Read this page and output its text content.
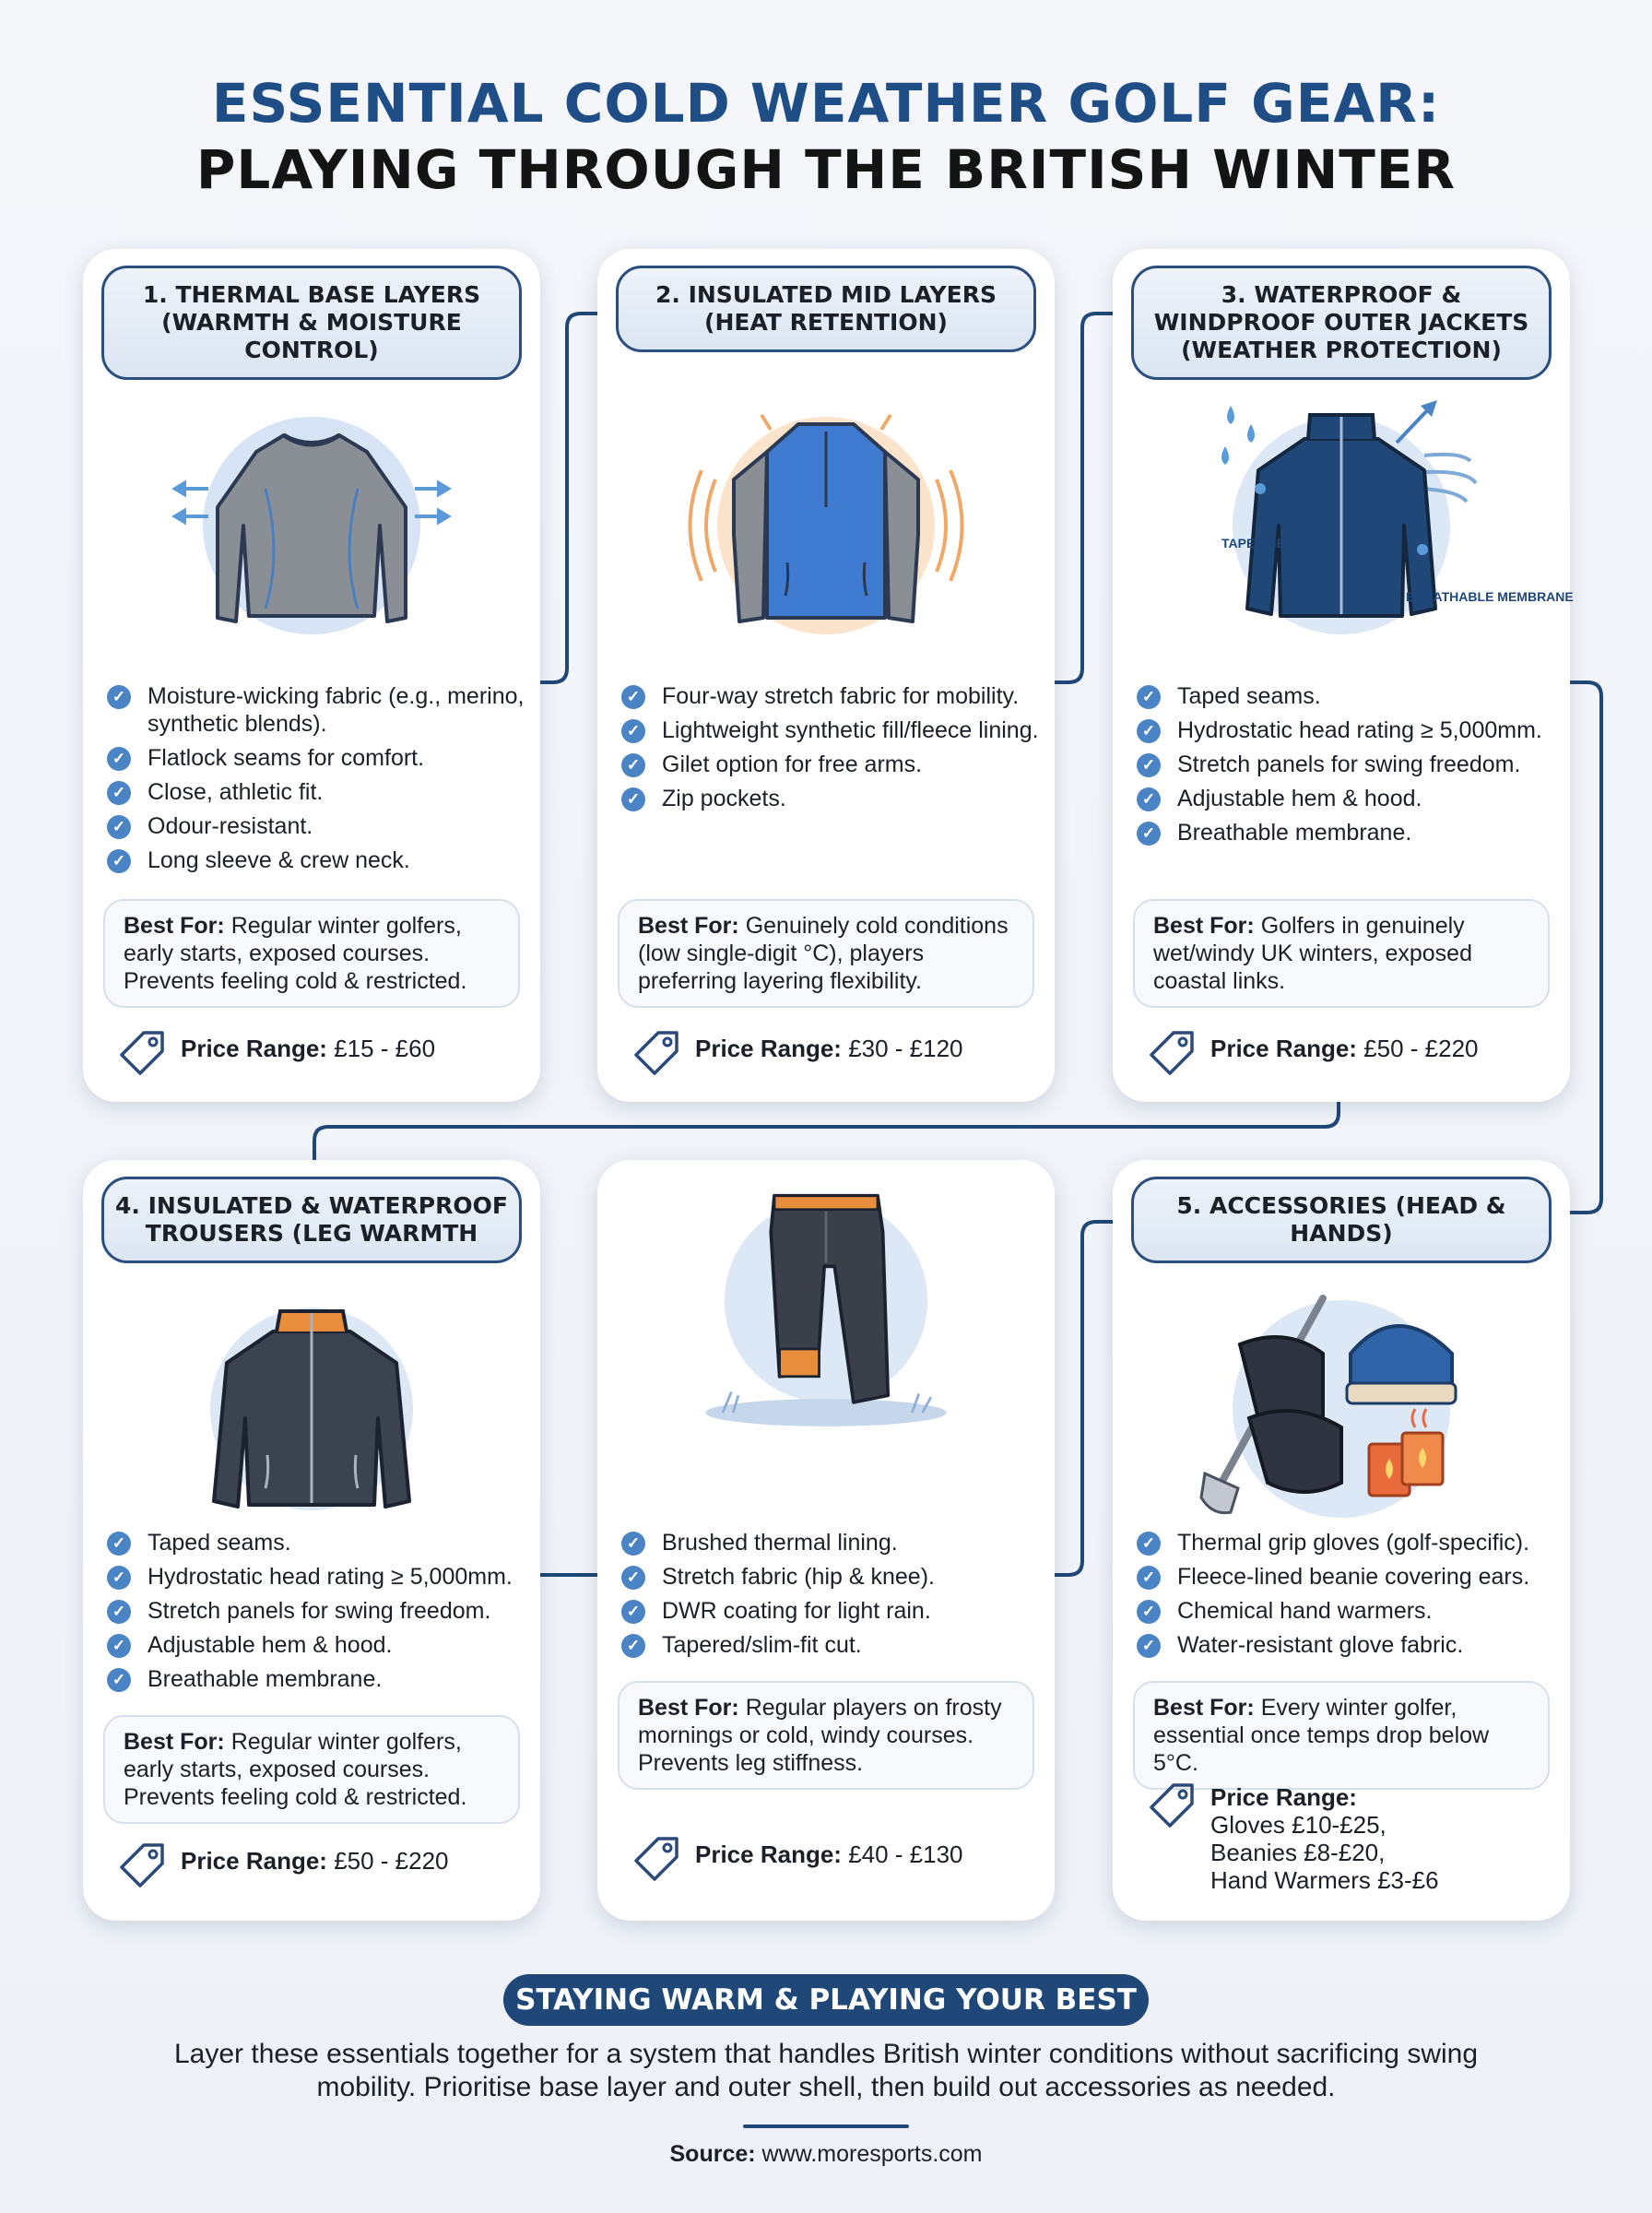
ESSENTIAL COLD WEATHER GOLF GEAR:
PLAYING THROUGH THE BRITISH WINTER
1. THERMAL BASE LAYERS (WARMTH & MOISTURE CONTROL)
✓ Moisture-wicking fabric (e.g., merino, synthetic blends).
✓ Flatlock seams for comfort.
✓ Close, athletic fit.
✓ Odour-resistant.
✓ Long sleeve & crew neck.
Best For: Regular winter golfers, early starts, exposed courses. Prevents feeling cold & restricted.
Price Range: £15 - £60
2. INSULATED MID LAYERS (HEAT RETENTION)
✓ Four-way stretch fabric for mobility.
✓ Lightweight synthetic fill/fleece lining.
✓ Gilet option for free arms.
✓ Zip pockets.
Best For: Genuinely cold conditions (low single-digit °C), players preferring layering flexibility.
Price Range: £30 - £120
3. WATERPROOF & WINDPROOF OUTER JACKETS (WEATHER PROTECTION)
TAPED SEAMS
BREATHABLE MEMBRANE
✓ Taped seams.
✓ Hydrostatic head rating ≥ 5,000mm.
✓ Stretch panels for swing freedom.
✓ Adjustable hem & hood.
✓ Breathable membrane.
Best For: Golfers in genuinely wet/windy UK winters, exposed coastal links.
Price Range: £50 - £220
4. INSULATED & WATERPROOF TROUSERS (LEG WARMTH
✓ Taped seams.
✓ Hydrostatic head rating ≥ 5,000mm.
✓ Stretch panels for swing freedom.
✓ Adjustable hem & hood.
✓ Breathable membrane.
Best For: Regular winter golfers, early starts, exposed courses. Prevents feeling cold & restricted.
Price Range: £50 - £220
✓ Brushed thermal lining.
✓ Stretch fabric (hip & knee).
✓ DWR coating for light rain.
✓ Tapered/slim-fit cut.
Best For: Regular players on frosty mornings or cold, windy courses. Prevents leg stiffness.
Price Range: £40 - £130
5. ACCESSORIES (HEAD & HANDS)
✓ Thermal grip gloves (golf-specific).
✓ Fleece-lined beanie covering ears.
✓ Chemical hand warmers.
✓ Water-resistant glove fabric.
Best For: Every winter golfer, essential once temps drop below 5°C.
Price Range:
Gloves £10-£25,
Beanies £8-£20,
Hand Warmers £3-£6
STAYING WARM & PLAYING YOUR BEST
Layer these essentials together for a system that handles British winter conditions without sacrificing swing mobility. Prioritise base layer and outer shell, then build out accessories as needed.
Source: www.moresports.com
